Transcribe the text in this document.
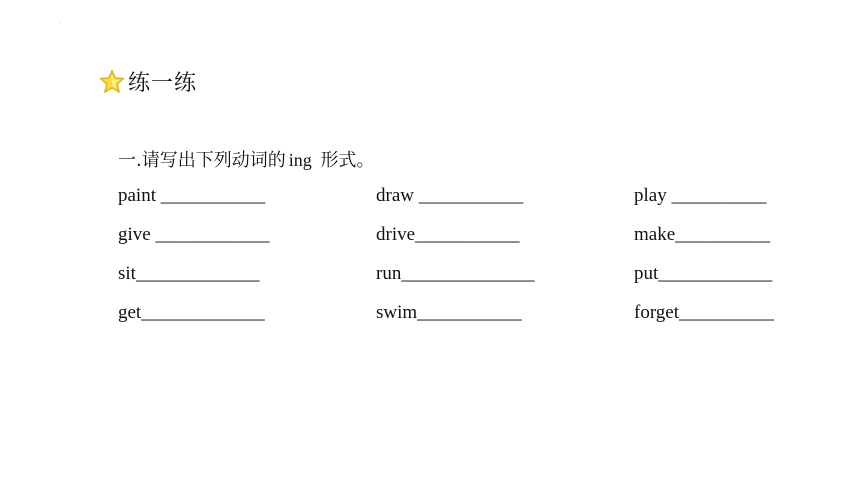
.
练一练
一.请写出下列动词的 ing 形式。
paint ___________	draw ___________	play __________
give ____________	drive___________	make__________
sit_____________	run______________	put____________
get_____________	swim___________	forget__________
